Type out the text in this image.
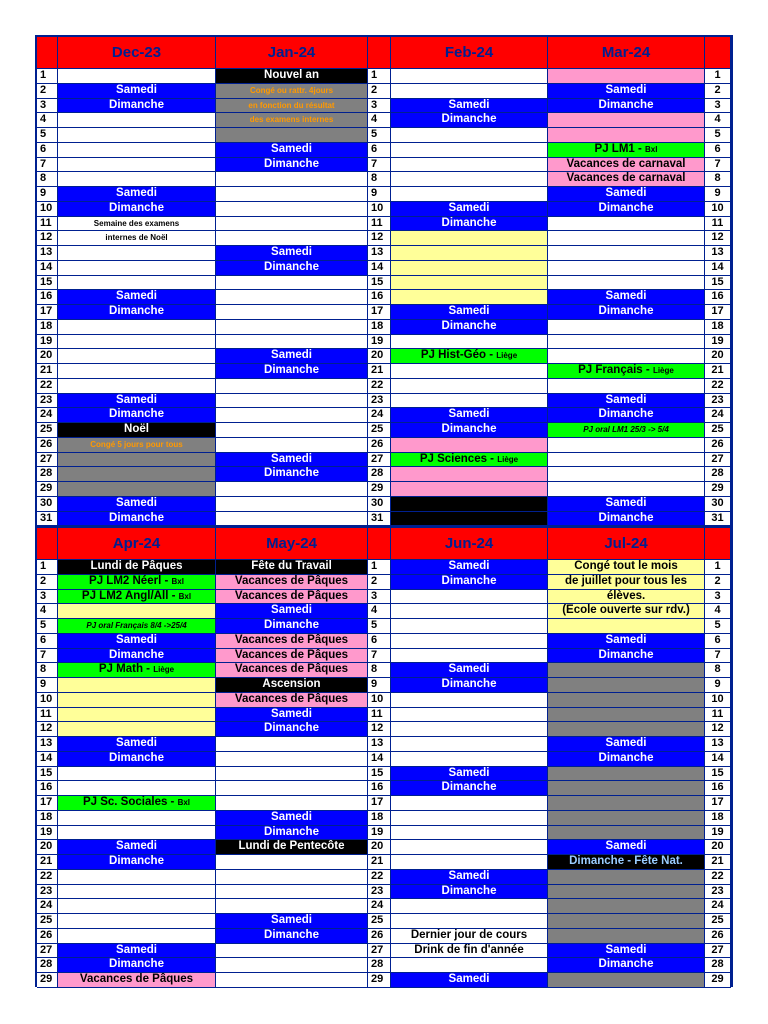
1
2
3
4
5
6
7
8
9
10
11
12
13
14
15
16
17
18
19
20
21
22
23
24
25
26
27
28
29
30
31
1
2
3
4
5
6
7
8
9
10
11
12
13
14
15
16
17
18
19
20
21
22
23
24
25
26
27
28
29
30
31
1
2
3
4
5
6
7
8
9
10
11
12
13
14
15
16
17
18
19
20
21
22
23
24
25
26
27
28
29
30
31
1
2
3
4
5
6
7
8
9
10
11
12
13
14
15
16
17
18
19
20
21
22
23
24
25
26
27
28
29
1
2
3
4
5
6
7
8
9
10
11
12
13
14
15
16
17
18
19
20
21
22
23
24
25
26
27
28
29
1
2
3
4
5
6
7
8
9
10
11
12
13
14
15
16
17
18
19
20
21
22
23
24
25
26
27
28
29
Dec-23
Samedi
Dimanche
Samedi
Dimanche
Semaine des examens
internes de Noël
Samedi
Dimanche
Samedi
Dimanche
Noël
Congé 5 jours pour tous
Samedi
Dimanche
Jan-24
Nouvel an
Congé ou rattr. 4jours
en fonction du résultat
des examens internes
Samedi
Dimanche
Samedi
Dimanche
Samedi
Dimanche
Samedi
Dimanche
Feb-24
Samedi
Dimanche
Samedi
Dimanche
Samedi
Dimanche
PJ Hist-Géo - Liège
Samedi
Dimanche
PJ Sciences - Liège
Mar-24
Samedi
Dimanche
PJ LM1 - Bxl
Vacances de carnaval
Vacances de carnaval
Samedi
Dimanche
Samedi
Dimanche
PJ Français - Liège
Samedi
Dimanche
PJ oral LM1 25/3 -> 5/4
Samedi
Dimanche
Apr-24
Lundi de Pâques
PJ LM2 Néerl - Bxl
PJ LM2 Angl/All - Bxl
PJ oral Français 8/4 ->25/4
Samedi
Dimanche
PJ Math - Liège
Samedi
Dimanche
PJ Sc. Sociales - Bxl
Samedi
Dimanche
Samedi
Dimanche
Vacances de Pâques
May-24
Fête du Travail
Vacances de Pâques
Vacances de Pâques
Samedi
Dimanche
Vacances de Pâques
Vacances de Pâques
Vacances de Pâques
Ascension
Vacances de Pâques
Samedi
Dimanche
Samedi
Dimanche
Lundi de Pentecôte
Samedi
Dimanche
Jun-24
Samedi
Dimanche
Samedi
Dimanche
Samedi
Dimanche
Samedi
Dimanche
Dernier jour de cours
Drink de fin d'année
Samedi
Jul-24
Congé tout le mois
de juillet pour tous les
élèves.
(Ecole ouverte sur rdv.)
Samedi
Dimanche
Samedi
Dimanche
Samedi
Dimanche - Fête Nat.
Samedi
Dimanche
